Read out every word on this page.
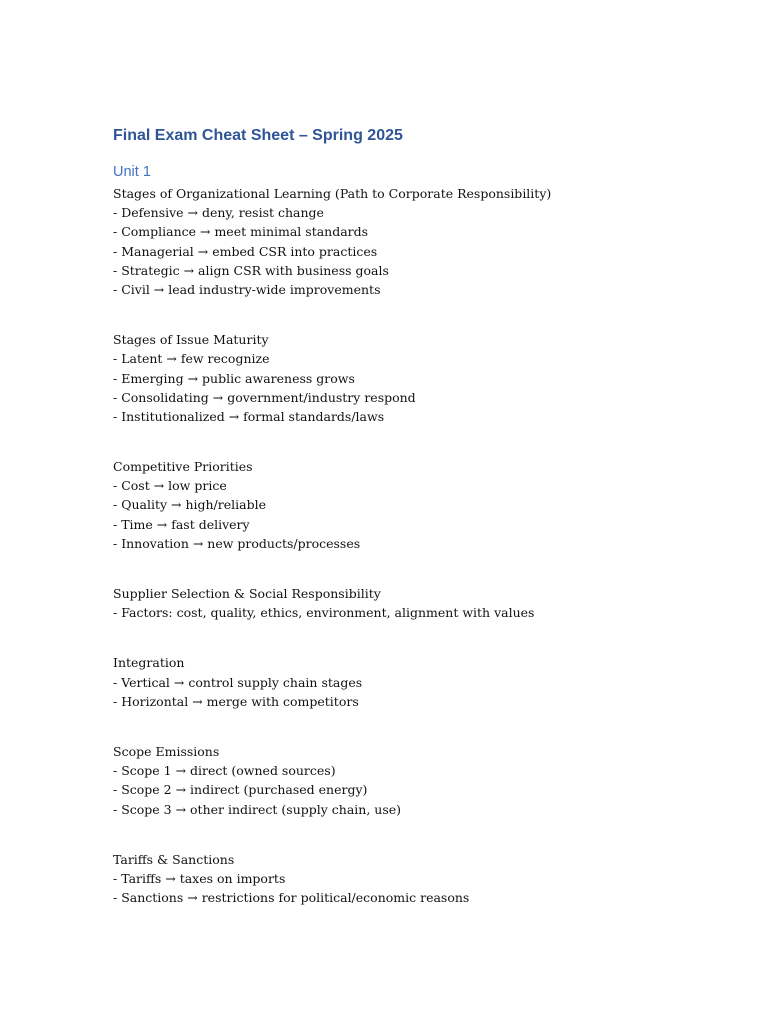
Final Exam Cheat Sheet – Spring 2025
Unit 1
Stages of Organizational Learning (Path to Corporate Responsibility)
- Defensive → deny, resist change
- Compliance → meet minimal standards
- Managerial → embed CSR into practices
- Strategic → align CSR with business goals
- Civil → lead industry-wide improvements
Stages of Issue Maturity
- Latent → few recognize
- Emerging → public awareness grows
- Consolidating → government/industry respond
- Institutionalized → formal standards/laws
Competitive Priorities
- Cost → low price
- Quality → high/reliable
- Time → fast delivery
- Innovation → new products/processes
Supplier Selection & Social Responsibility
- Factors: cost, quality, ethics, environment, alignment with values
Integration
- Vertical → control supply chain stages
- Horizontal → merge with competitors
Scope Emissions
- Scope 1 → direct (owned sources)
- Scope 2 → indirect (purchased energy)
- Scope 3 → other indirect (supply chain, use)
Tariffs & Sanctions
- Tariffs → taxes on imports
- Sanctions → restrictions for political/economic reasons
